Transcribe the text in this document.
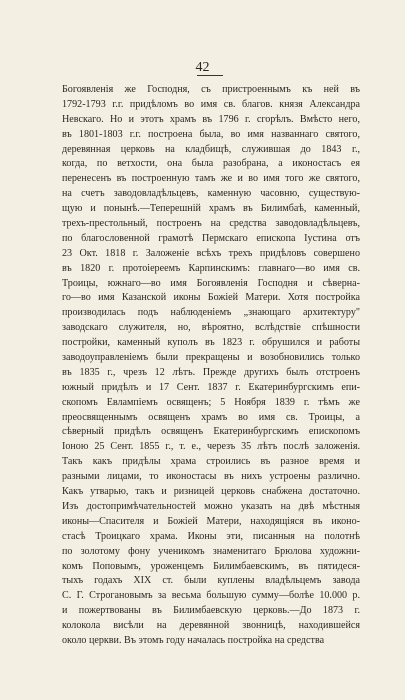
42
Богоявленія же Господня, съ пристроеннымъ къ ней въ
1792-1793 г.г. придѣломъ во имя св. благов. князя Александра
Невскаго. Но и этотъ храмъ въ 1796 г. сгорѣлъ. Вмѣсто него,
въ 1801-1803 г.г. построена была, во имя названнаго святого,
деревянная церковь на кладбищѣ, служившая до 1843 г.,
когда, по ветхости, она была разобрана, а иконостасъ ея
перенесенъ въ построенную тамъ же и во имя того же святого,
на счетъ заводовладѣльцевъ, каменную часовню, существую-
щую и понынѣ.—Теперешній храмъ въ Билимбаѣ, каменный,
трехъ-престольный, построенъ на средства заводовладѣльцевъ,
по благословенной грамотѣ Пермскаго епископа Іустина отъ
23 Окт. 1818 г. Заложеніе всѣхъ трехъ придѣловъ совершено
въ 1820 г. протоіереемъ Карпинскимъ: главнаго—во имя св.
Троицы, южнаго—во имя Богоявленія Господня и сѣверна-
го—во имя Казанской иконы Божіей Матери. Хотя постройка
производилась подъ наблюденіемъ „знающаго архитектуру"
заводскаго служителя, но, вѣроятно, вслѣдствіе спѣшности
постройки, каменный куполъ въ 1823 г. обрушился и работы
заводоуправленіемъ были прекращены и возобновились только
въ 1835 г., чрезъ 12 лѣтъ. Прежде другихъ былъ отстроенъ
южный придѣлъ и 17 Сент. 1837 г. Екатеринбургскимъ епи-
скопомъ Евлампіемъ освященъ; 5 Ноября 1839 г. тѣмъ же
преосвященнымъ освященъ храмъ во имя св. Троицы, а
сѣверный придѣлъ освященъ Екатеринбургскимъ епископомъ
Іоною 25 Сент. 1855 г., т. е., черезъ 35 лѣтъ послѣ заложенія.
Такъ какъ придѣлы храма строились въ разное время и
разными лицами, то иконостасы въ нихъ устроены различно.
Какъ утварью, такъ и ризницей церковь снабжена достаточно.
Изъ достопримѣчательностей можно указать на двѣ мѣстныя
иконы—Спасителя и Божіей Матери, находящіяся въ иконо-
стасѣ Троицкаго храма. Иконы эти, писанныя на полотнѣ
по золотому фону ученикомъ знаменитаго Брюлова художни-
комъ Поповымъ, уроженцемъ Билимбаевскимъ, въ пятидеся-
тыхъ годахъ XIX ст. были куплены владѣльцемъ завода
С. Г. Строгановымъ за весьма большую сумму—болѣе 10.000 р.
и пожертвованы въ Билимбаевскую церковь.—До 1873 г.
колокола висѣли на деревянной звонницѣ, находившейся
около церкви. Въ этомъ году началась постройка на средства
